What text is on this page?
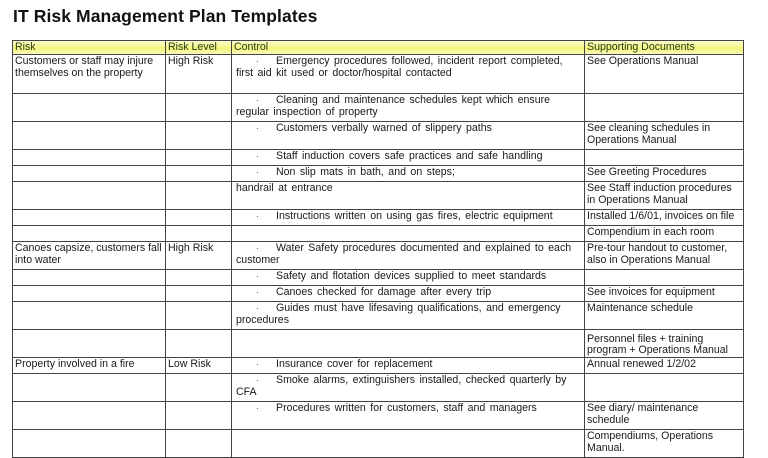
IT Risk Management Plan Templates
Risk	Risk Level	Control	Supporting Documents
Customers or staff may injure themselves on the property	High Risk	· Emergency procedures followed, incident report completed, first aid kit used or doctor/hospital contacted	See Operations Manual
		· Cleaning and maintenance schedules kept which ensure regular inspection of property	
		· Customers verbally warned of slippery paths	See cleaning schedules in Operations Manual
		· Staff induction covers safe practices and safe handling	
		· Non slip mats in bath, and on steps;	See Greeting Procedures
		handrail at entrance	See Staff induction procedures in Operations Manual
		· Instructions written on using gas fires, electric equipment	Installed 1/6/01, invoices on file
			Compendium in each room
Canoes capsize, customers fall into water	High Risk	· Water Safety procedures documented and explained to each customer	Pre-tour handout to customer, also in Operations Manual
		· Safety and flotation devices supplied to meet standards	
		· Canoes checked for damage after every trip	See invoices for equipment
		· Guides must have lifesaving qualifications, and emergency procedures	Maintenance schedule
			Personnel files + training program + Operations Manual
Property involved in a fire	Low Risk	· Insurance cover for replacement	Annual renewed 1/2/02
		· Smoke alarms, extinguishers installed, checked quarterly by CFA	
		· Procedures written for customers, staff and managers	See diary/ maintenance schedule
			Compendiums, Operations Manual.
